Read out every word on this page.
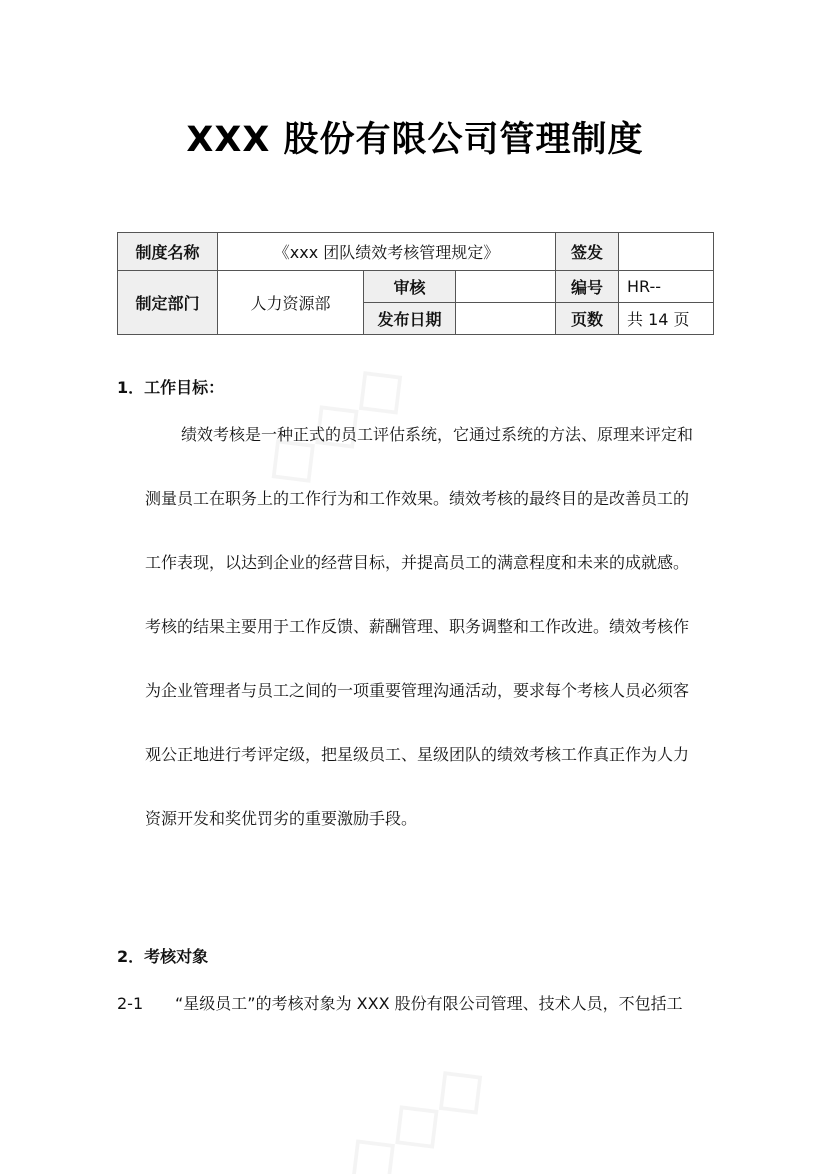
XXX 股份有限公司管理制度
制度名称	《xxx 团队绩效考核管理规定》			签发	
制定部门	人力资源部	审核		编号	HR--
		发布日期		页数	共 14 页
1．工作目标：
绩效考核是一种正式的员工评估系统，它通过系统的方法、原理来评定和
测量员工在职务上的工作行为和工作效果。绩效考核的最终目的是改善员工的
工作表现，以达到企业的经营目标，并提高员工的满意程度和未来的成就感。
考核的结果主要用于工作反馈、薪酬管理、职务调整和工作改进。绩效考核作
为企业管理者与员工之间的一项重要管理沟通活动，要求每个考核人员必须客
观公正地进行考评定级，把星级员工、星级团队的绩效考核工作真正作为人力
资源开发和奖优罚劣的重要激励手段。
2．考核对象
2-1 “星级员工”的考核对象为 XXX 股份有限公司管理、技术人员，不包括工
